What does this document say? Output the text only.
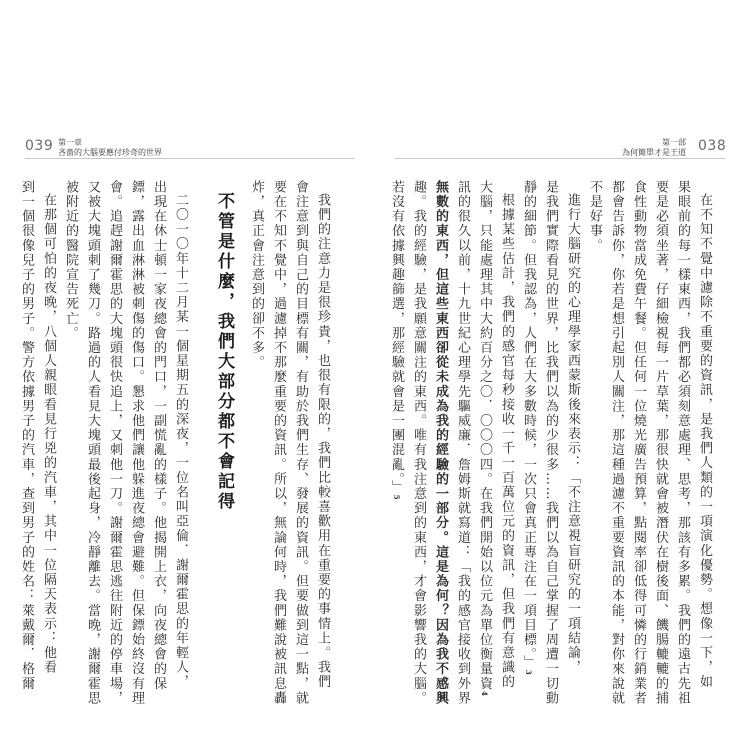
039 第一章
吝嗇的大腦要應付珍奇的世界
第一部
為何簡單才是王道 038
在不知不覺中濾除不重要的資訊，是我們人類的一項演化優勢。想像一下，如
果眼前的每一樣東西，我們都必須刻意處理、思考，那該有多累。我們的遠古先祖
要是必須坐著，仔細檢視每一片草葉，那很快就會被潛伏在樹後面、饑腸轆轆的捕
食性動物當成免費午餐。但任何一位燒光廣告預算，點閱率卻低得可憐的行銷業者
都會告訴你，你若是想引起別人關注，那這種過濾不重要資訊的本能，對你來說就
不是好事。
進行大腦研究的心理學家西蒙斯後來表示：「不注意視盲研究的一項結論，
是我們實際看見的世界，比我們以為的少很多……我們以為自己掌握了周遭一切動
靜的細節。但我認為，人們在大多數時候，一次只會真正專注在一項目標。」3
根據某些估計，我們的感官每秒接收一千一百萬位元的資訊，但我們有意識的
大腦，只能處理其中大約百分之〇．〇〇〇四。在我們開始以位元為單位衡量資4
訊的很久以前，十九世紀心理學先驅威廉．詹姆斯就寫道：「我的感官接收到外界
無數的東西，但這些東西卻從未成為我的經驗的一部分。這是為何？因為我不感興
趣。我的經驗，是我願意關注的東西。唯有我注意到的東西，才會影響我的大腦。
若沒有依據興趣篩選，那經驗就會是一團混亂。」5
我們的注意力是很珍貴，也很有限的，我們比較喜歡用在重要的事情上。我們
會注意到與自己的目標有關，有助於我們生存、發展的資訊。但要做到這一點，就
要在不知不覺中，過濾掉不那麼重要的資訊。所以，無論何時，我們難說被訊息轟
炸，真正會注意到的卻不多。
不管是什麼，我們大部分都不會記得
二〇一〇年十二月某一個星期五的深夜，一位名叫亞倫．謝爾霍思的年輕人，
出現在休士頓一家夜總會的門口，一副慌亂的樣子。他揭開上衣，向夜總會的保
鏢，露出血淋淋被刺傷的傷口。懇求他們讓他躲進夜總會避難。但保鏢始終沒有理
會。追趕謝爾霍思的大塊頭很快追上，又刺他一刀。謝爾霍思逃往附近的停車場，
又被大塊頭刺了幾刀。路過的人看見大塊頭最後起身，冷靜離去。當晚，謝爾霍思
被附近的醫院宣告死亡。
在那個可怕的夜晚，八個人親眼看見行兇的汽車，其中一位隔天表示：他看
到一個很像兒子的男子。警方依據男子的汽車，查到男子的姓名：萊戴爾．格爾
